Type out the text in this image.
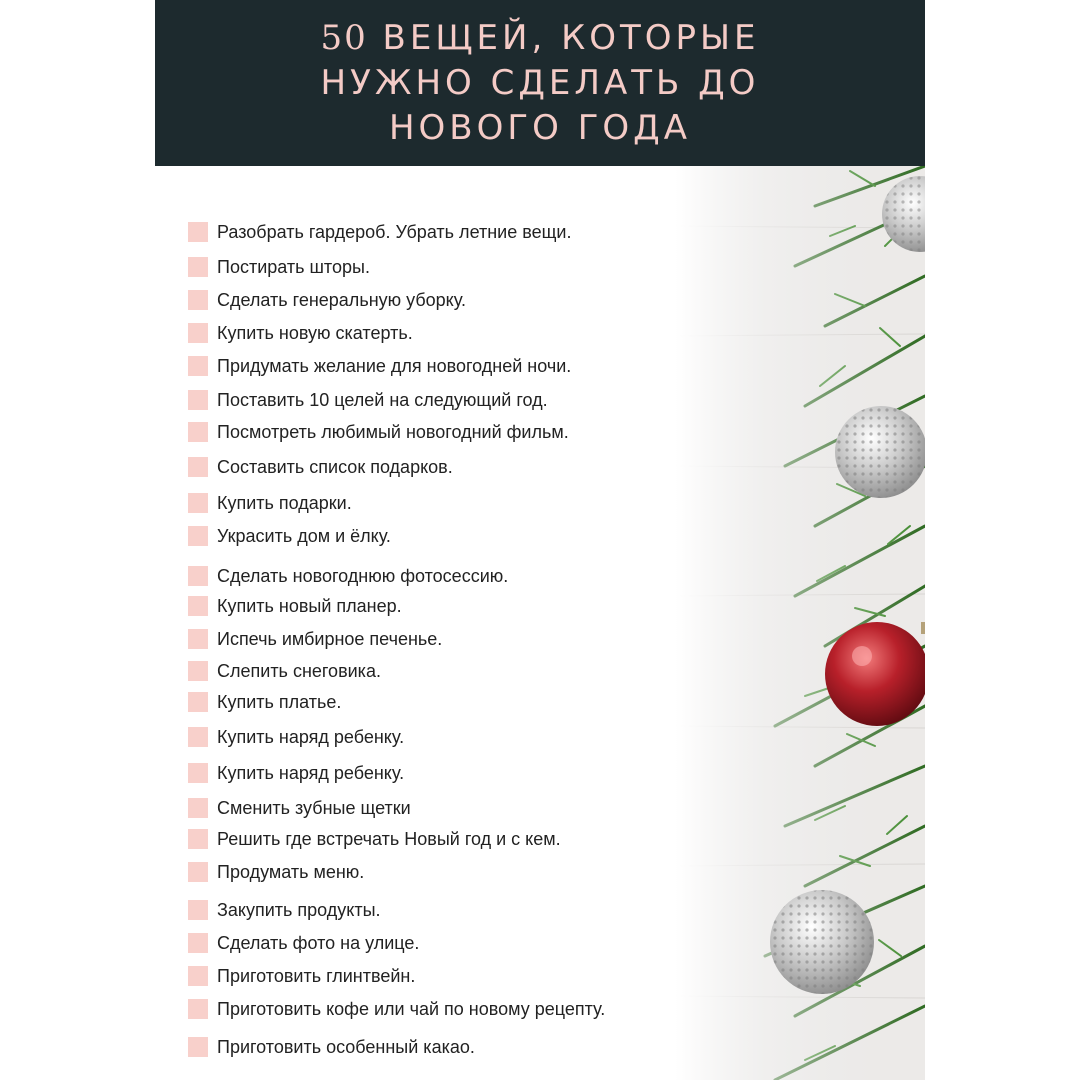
50 ВЕЩЕЙ, КОТОРЫЕ
НУЖНО СДЕЛАТЬ ДО
НОВОГО ГОДА
Разобрать гардероб. Убрать летние вещи.
Постирать шторы.
Сделать генеральную уборку.
Купить новую скатерть.
Придумать желание для новогодней ночи.
Поставить 10 целей на следующий год.
Посмотреть любимый новогодний фильм.
Составить список подарков.
Купить подарки.
Украсить дом и ёлку.
Сделать новогоднюю фотосессию.
Купить новый планер.
Испечь имбирное печенье.
Слепить снеговика.
Купить платье.
Купить наряд ребенку.
Купить наряд ребенку.
Сменить зубные щетки
Решить где встречать Новый год и с кем.
Продумать меню.
Закупить продукты.
Сделать фото на улице.
Приготовить глинтвейн.
Приготовить кофе или чай по новому рецепту.
Приготовить особенный какао.
